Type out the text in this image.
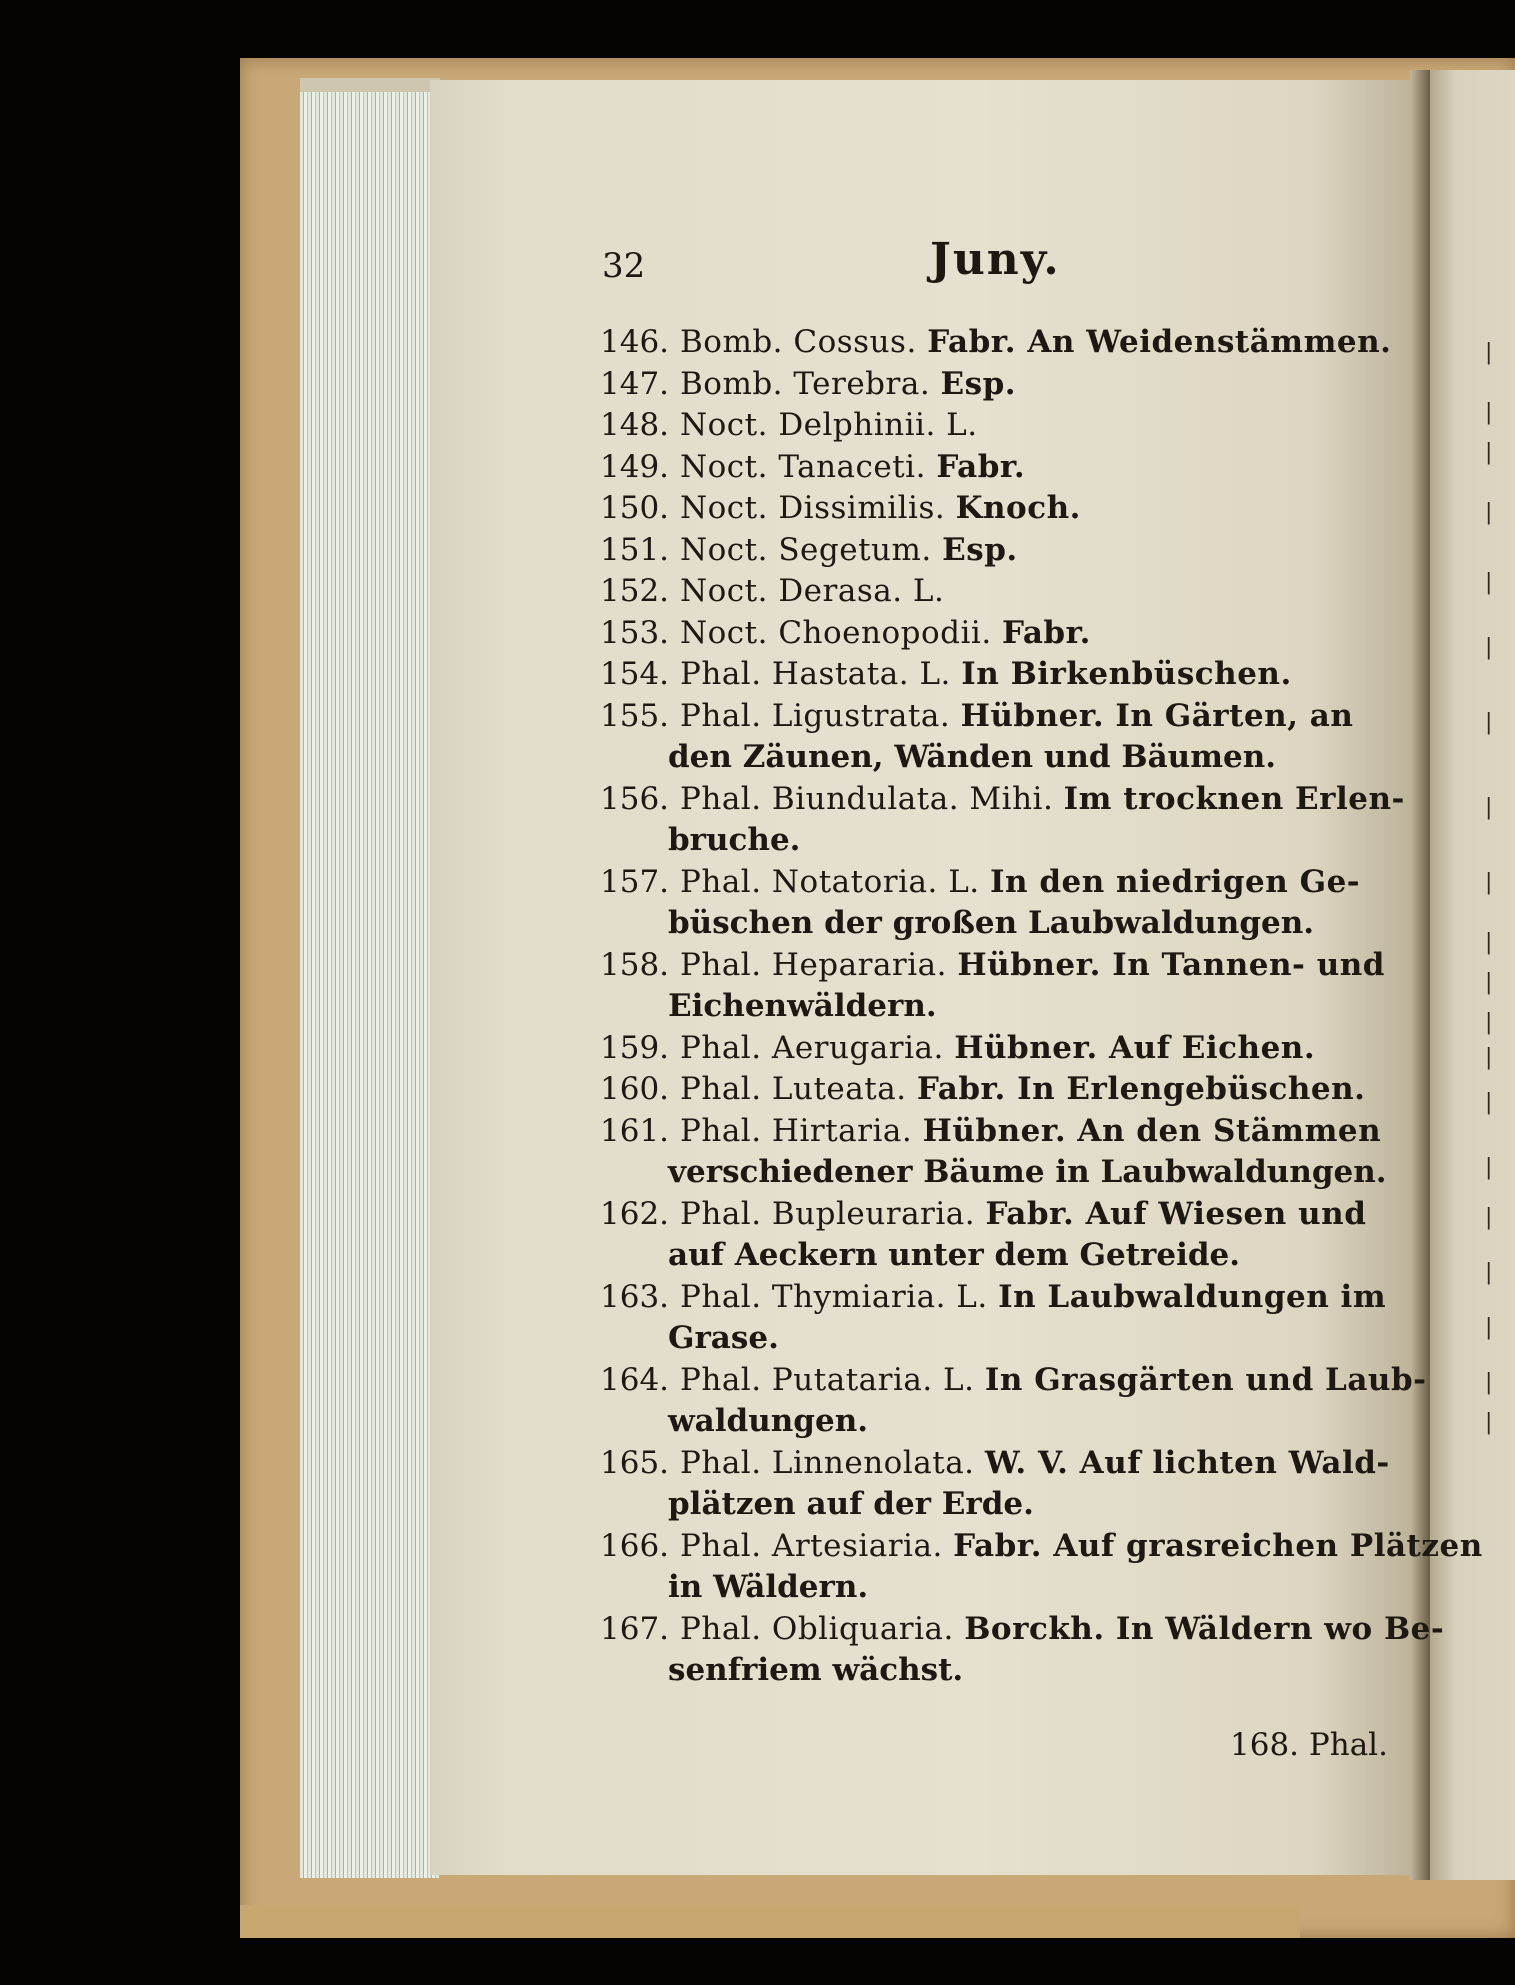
|
|
|
|
|
|
|
|
|
|
|
|
|
|
|
|
|
|
|
|
32	Juny.
146. Bomb. Cossus. Fabr. An Weidenstämmen.
147. Bomb. Terebra. Esp.
148. Noct. Delphinii. L.
149. Noct. Tanaceti. Fabr.
150. Noct. Dissimilis. Knoch.
151. Noct. Segetum. Esp.
152. Noct. Derasa. L.
153. Noct. Choenopodii. Fabr.
154. Phal. Hastata. L. In Birkenbüschen.
155. Phal. Ligustrata. Hübner. In Gärten, an
den Zäunen, Wänden und Bäumen.
156. Phal. Biundulata. Mihi. Im trocknen Erlen-
bruche.
157. Phal. Notatoria. L. In den niedrigen Ge-
büschen der großen Laubwaldungen.
158. Phal. Hepararia. Hübner. In Tannen- und
Eichenwäldern.
159. Phal. Aerugaria. Hübner. Auf Eichen.
160. Phal. Luteata. Fabr. In Erlengebüschen.
161. Phal. Hirtaria. Hübner. An den Stämmen
verschiedener Bäume in Laubwaldungen.
162. Phal. Bupleuraria. Fabr. Auf Wiesen und
auf Aeckern unter dem Getreide.
163. Phal. Thymiaria. L. In Laubwaldungen im
Grase.
164. Phal. Putataria. L. In Grasgärten und Laub-
waldungen.
165. Phal. Linnenolata. W. V. Auf lichten Wald-
plätzen auf der Erde.
166. Phal. Artesiaria. Fabr. Auf grasreichen Plätzen
in Wäldern.
167. Phal. Obliquaria. Borckh. In Wäldern wo Be-
senfriem wächst.
168. Phal.
